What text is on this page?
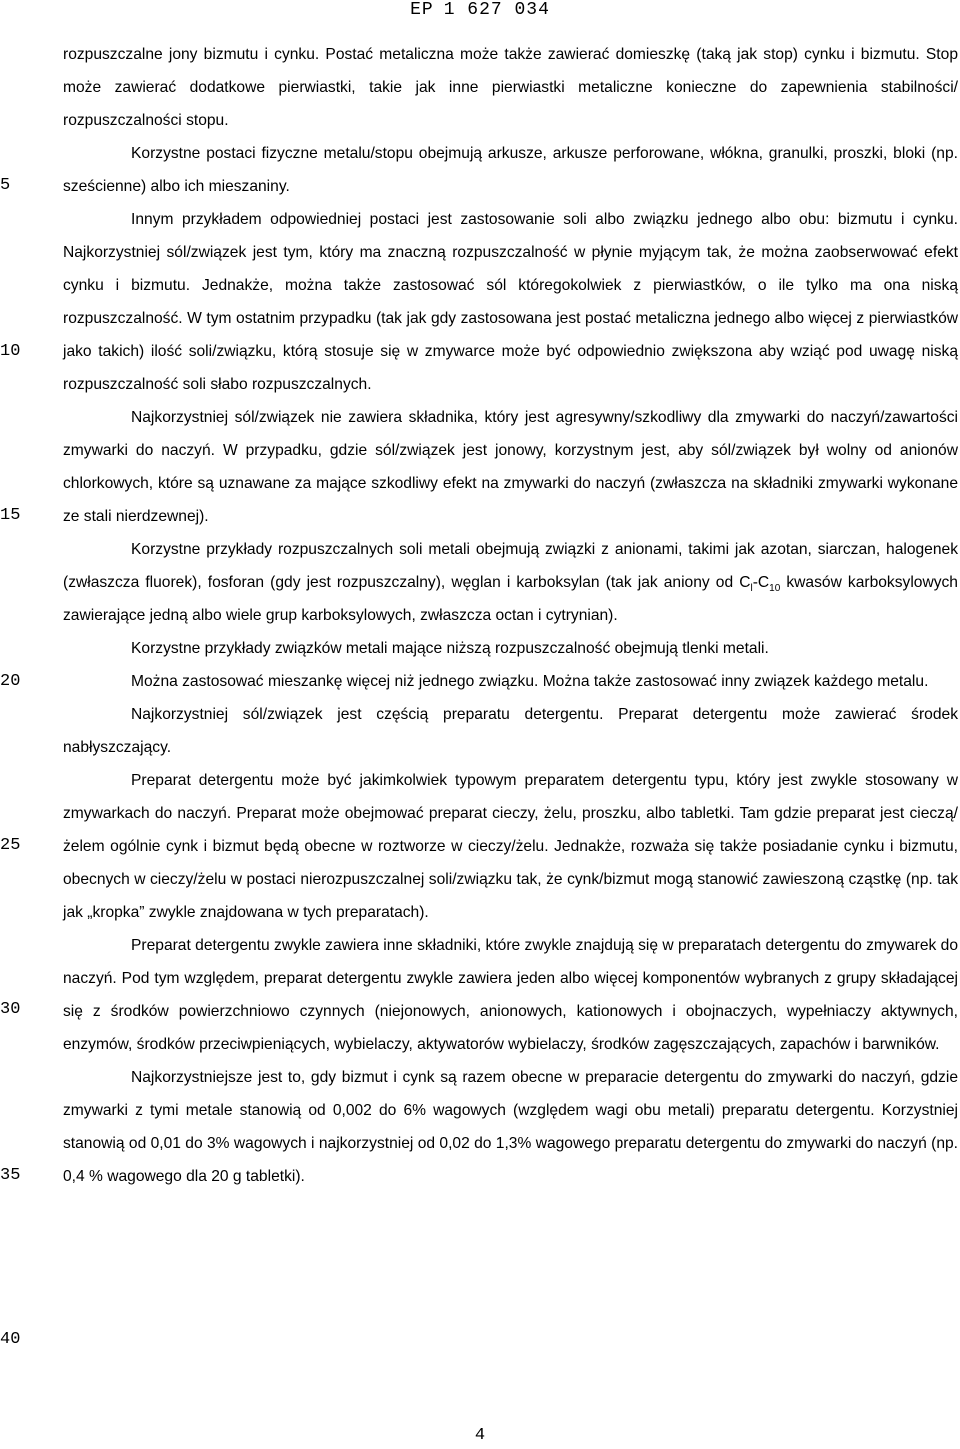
EP 1 627 034
5
10
15
20
25
30
35
40

rozpuszczalne jony bizmutu i cynku. Postać metaliczna może także zawierać domieszkę (taką jak stop) cynku i bizmutu. Stop może zawierać dodatkowe pierwiastki, takie jak inne pierwiastki metaliczne konieczne do zapewnienia stabilności/ rozpuszczalności stopu.

Korzystne postaci fizyczne metalu/stopu obejmują arkusze, arkusze perforowane, włókna, granulki, proszki, bloki (np. sześcienne) albo ich mieszaniny.

Innym przykładem odpowiedniej postaci jest zastosowanie soli albo związku jednego albo obu: bizmutu i cynku. Najkorzystniej sól/związek jest tym, który ma znaczną rozpuszczalność w płynie myjącym tak, że można zaobserwować efekt cynku i bizmutu. Jednakże, można także zastosować sól któregokolwiek z pierwiastków, o ile tylko ma ona niską rozpuszczalność. W tym ostatnim przypadku (tak jak gdy zastosowana jest postać metaliczna jednego albo więcej z pierwiastków jako takich) ilość soli/związku, którą stosuje się w zmywarce może być odpowiednio zwiększona aby wziąć pod uwagę niską rozpuszczalność soli słabo rozpuszczalnych.

Najkorzystniej sól/związek nie zawiera składnika, który jest agresywny/szkodliwy dla zmywarki do naczyń/zawartości zmywarki do naczyń. W przypadku, gdzie sól/związek jest jonowy, korzystnym jest, aby sól/związek był wolny od anionów chlorkowych, które są uznawane za mające szkodliwy efekt na zmywarki do naczyń (zwłaszcza na składniki zmywarki wykonane ze stali nierdzewnej).

Korzystne przykłady rozpuszczalnych soli metali obejmują związki z anionami, takimi jak azotan, siarczan, halogenek (zwłaszcza fluorek), fosforan (gdy jest rozpuszczalny), węglan i karboksylan (tak jak aniony od $C_l-C_{10}$ kwasów karboksylowych zawierające jedną albo wiele grup karboksylowych, zwłaszcza octan i cytrynian).

Korzystne przykłady związków metali mające niższą rozpuszczalność obejmują tlenki metali.

Można zastosować mieszankę więcej niż jednego związku. Można także zastosować inny związek każdego metalu.

Najkorzystniej sól/związek jest częścią preparatu detergentu. Preparat detergentu może zawierać środek nabłyszczający.

Preparat detergentu może być jakimkolwiek typowym preparatem detergentu typu, który jest zwykle stosowany w zmywarkach do naczyń. Preparat może obejmować preparat cieczy, żelu, proszku, albo tabletki. Tam gdzie preparat jest cieczą/żelem ogólnie cynk i bizmut będą obecne w roztworze w cieczy/żelu. Jednakże, rozważa się także posiadanie cynku i bizmutu, obecnych w cieczy/żelu w postaci nierozpuszczalnej soli/związku tak, że cynk/bizmut mogą stanowić zawieszoną cząstkę (np. tak jak „kropka” zwykle znajdowana w tych preparatach).

Preparat detergentu zwykle zawiera inne składniki, które zwykle znajdują się w preparatach detergentu do zmywarek do naczyń. Pod tym względem, preparat detergentu zwykle zawiera jeden albo więcej komponentów wybranych z grupy składającej się z środków powierzchniowo czynnych (niejonowych, anionowych, kationowych i obojnaczych, wypełniaczy aktywnych, enzymów, środków przeciwpieniących, wybielaczy, aktywatorów wybielaczy, środków zagęszczających, zapachów i barwników.

Najkorzystniejsze jest to, gdy bizmut i cynk są razem obecne w preparacie detergentu do zmywarki do naczyń, gdzie zmywarki z tymi metale stanowią od 0,002 do 6% wagowych (względem wagi obu metali) preparatu detergentu. Korzystniej stanowią od 0,01 do 3% wagowych i najkorzystniej od 0,02 do 1,3% wagowego preparatu detergentu do zmywarki do naczyń (np. 0,4 % wagowego dla 20 g tabletki).

4
